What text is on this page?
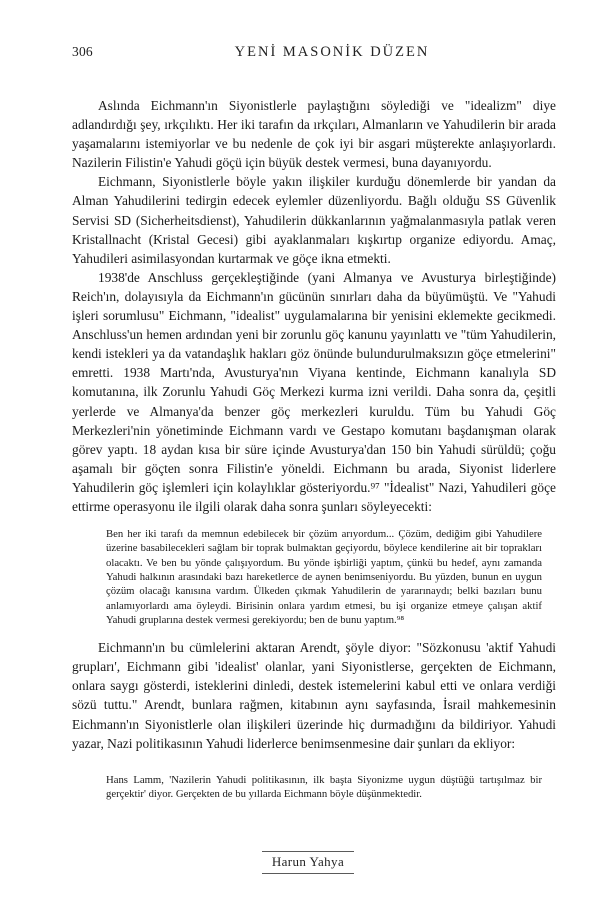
306	YENİ MASONİK DÜZEN

Aslında Eichmann'ın Siyonistlerle paylaştığını söylediği ve "idealizm" diye adlandırdığı şey, ırkçılıktı. Her iki tarafın da ırkçıları, Almanların ve Yahudilerin bir arada yaşamalarını istemiyorlar ve bu nedenle de çok iyi bir asgari müşterekte anlaşıyorlardı. Nazilerin Filistin'e Yahudi göçü için büyük destek vermesi, buna dayanıyordu.

Eichmann, Siyonistlerle böyle yakın ilişkiler kurduğu dönemlerde bir yandan da Alman Yahudilerini tedirgin edecek eylemler düzenliyordu. Bağlı olduğu SS Güvenlik Servisi SD (Sicherheitsdienst), Yahudilerin dükkanlarının yağmalanmasıyla patlak veren Kristallnacht (Kristal Gecesi) gibi ayaklanmaları kışkırtıp organize ediyordu. Amaç, Yahudileri asimilasyondan kurtarmak ve göçe ikna etmekti.

1938'de Anschluss gerçekleştiğinde (yani Almanya ve Avusturya birleştiğinde) Reich'ın, dolayısıyla da Eichmann'ın gücünün sınırları daha da büyümüştü. Ve "Yahudi işleri sorumlusu" Eichmann, "idealist" uygulamalarına bir yenisini eklemekte gecikmedi. Anschluss'un hemen ardından yeni bir zorunlu göç kanunu yayınlattı ve "tüm Yahudilerin, kendi istekleri ya da vatandaşlık hakları göz önünde bulundurulmaksızın göçe etmelerini" emretti. 1938 Martı'nda, Avusturya'nın Viyana kentinde, Eichmann kanalıyla SD komutanına, ilk Zorunlu Yahudi Göç Merkezi kurma izni verildi. Daha sonra da, çeşitli yerlerde ve Almanya'da benzer göç merkezleri kuruldu. Tüm bu Yahudi Göç Merkezleri'nin yönetiminde Eichmann vardı ve Gestapo komutanı başdanışman olarak görev yaptı. 18 aydan kısa bir süre içinde Avusturya'dan 150 bin Yahudi sürüldü; çoğu aşamalı bir göçten sonra Filistin'e yöneldi. Eichmann bu arada, Siyonist liderlere Yahudilerin göç işlemleri için kolaylıklar gösteriyordu.⁹⁷ "İdealist" Nazi, Yahudileri göçe ettirme operasyonu ile ilgili olarak daha sonra şunları söyleyecekti:

Ben her iki tarafı da memnun edebilecek bir çözüm arıyordum... Çözüm, dediğim gibi Yahudilere üzerine basabilecekleri sağlam bir toprak bulmaktan geçiyordu, böylece kendilerine ait bir toprakları olacaktı. Ve ben bu yönde çalışıyordum. Bu yönde işbirliği yaptım, çünkü bu hedef, aynı zamanda Yahudi halkının arasındaki bazı hareketlerce de aynen benimseniyordu. Bu yüzden, bunun en uygun çözüm olacağı kanısına vardım. Ülkeden çıkmak Yahudilerin de yararınaydı; belki bazıları bunu anlamıyorlardı ama öyleydi. Birisinin onlara yardım etmesi, bu işi organize etmeye çalışan aktif Yahudi gruplarına destek vermesi gerekiyordu; ben de bunu yaptım.⁹⁸

Eichmann'ın bu cümlelerini aktaran Arendt, şöyle diyor: "Sözkonusu 'aktif Yahudi grupları', Eichmann gibi 'idealist' olanlar, yani Siyonistlerse, gerçekten de Eichmann, onlara saygı gösterdi, isteklerini dinledi, destek istemelerini kabul etti ve onlara verdiği sözü tuttu." Arendt, bunlara rağmen, kitabının aynı sayfasında, İsrail mahkemesinin Eichmann'ın Siyonistlerle olan ilişkileri üzerinde hiç durmadığını da bildiriyor. Yahudi yazar, Nazi politikasının Yahudi liderlerce benimsenmesine dair şunları da ekliyor:

Hans Lamm, 'Nazilerin Yahudi politikasının, ilk başta Siyonizme uygun düştüğü tartışılmaz bir gerçektir' diyor. Gerçekten de bu yıllarda Eichmann böyle düşünmektedir.

Harun Yahya
